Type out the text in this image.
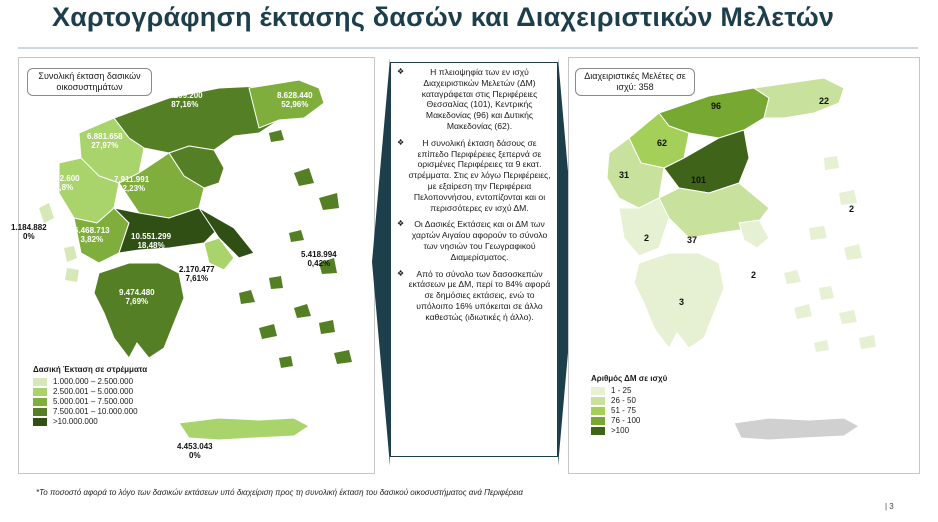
Χαρτογράφηση έκτασης δασών και Διαχειριστικών Μελετών
Συνολική έκταση δασικών οικοσυστημάτων
9.299.200
87,16%
8.628.440
52,96%
6.881.658
27,97%
7.911.991
22,23%
6.032.600
15,8%
1.184.882
0%
6.468.713
3,82%	10.551.299
18,48%
2.170.477
7,61%
5.418.994
0,42%
9.474.480
7,69%
4.453.043
0%
Δασική Έκταση σε στρέμματα
1.000.000 – 2.500.000
2.500.001 – 5.000.000
5.000.001 – 7.500.000
7.500.001 – 10.000.000
>10.000.000
❖	Η πλειοψηφία των εν ισχύ Διαχειριστικών Μελετών (ΔΜ) καταγράφεται στις Περιφέρειες Θεσσαλίας (101), Κεντρικής Μακεδονίας (96) και Δυτικής Μακεδονίας (62).
❖ Η συνολική έκταση δάσους σε επίπεδο Περιφέρειες ξεπερνά σε ορισμένες Περιφέρειες τα 9 εκατ. στρέμματα. Στις εν λόγω Περιφέρειες, με εξαίρεση την Περιφέρεια Πελοποννήσου, εντοπίζονται και οι περισσότερες εν ισχύ ΔΜ.
❖ Οι Δασικές Εκτάσεις και οι ΔΜ των χαρτών Αιγαίου αφορούν το σύνολο των νησιών του Γεωγραφικού Διαμερίσματος.
❖ Από το σύνολο των δασοσκεπών εκτάσεων με ΔΜ, περί το 84% αφορά σε δημόσιες εκτάσεις, ενώ το υπόλοιπο 16% υπόκειται σε άλλο καθεστώς (ιδιωτικές ή άλλο).
Διαχειριστικές Μελέτες σε ισχύ: 358
96	22
62
31	101
2
2	37
2
3
Αριθμός ΔΜ σε ισχύ
1 - 25
26 - 50
51 - 75
76 - 100
>100
*Το ποσοστό αφορά το λόγο των δασικών εκτάσεων υπό διαχείριση προς τη συνολική έκταση του δασικού οικοσυστήματος ανά Περιφέρεια
| 3
